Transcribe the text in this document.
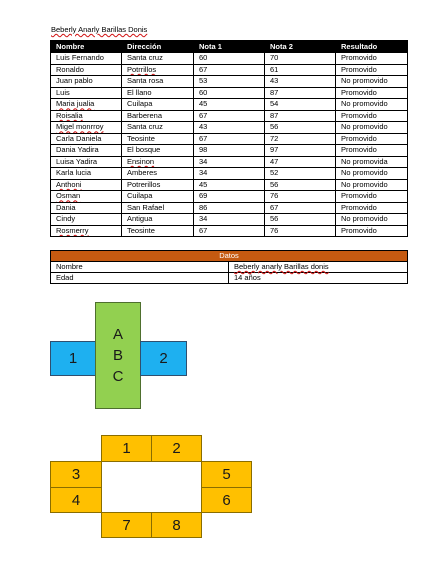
Beberly Anarly Barillas Donis
Nombre	Dirección	Nota 1	Nota 2	Resultado
Luis Fernando	Santa cruz	60	70	Promovido
Ronaldo	Potrrillos	67	61	Promovido
Juan pablo	Santa rosa	53	43	No promovido
Luis	El llano	60	87	Promovido
Maria jualia	Cuilapa	45	54	No promovido
Roisalia	Barberena	67	87	Promovido
Migel monrroy	Santa cruz	43	56	No promovido
Carla Daniela	Teosinte	67	72	Promovido
Dania Yadira	El bosque	98	97	Promovido
Luisa Yadira	Ensinon	34	47	No promovida
Karla lucia	Amberes	34	52	No promovido
Anthoni	Potrerillos	45	56	No promovido
Osman	Cuilapa	69	76	Promovido
Dania	San Rafael	86	67	Promovido
Cindy	Antigua	34	56	No promovido
Rosmerry	Teosinte	67	76	Promovido
Datos	
Nombre	Beberly anarly Barillas donis
Edad	14 años
1
A
B
C
2
1	2
3
4
5
6
7	8
